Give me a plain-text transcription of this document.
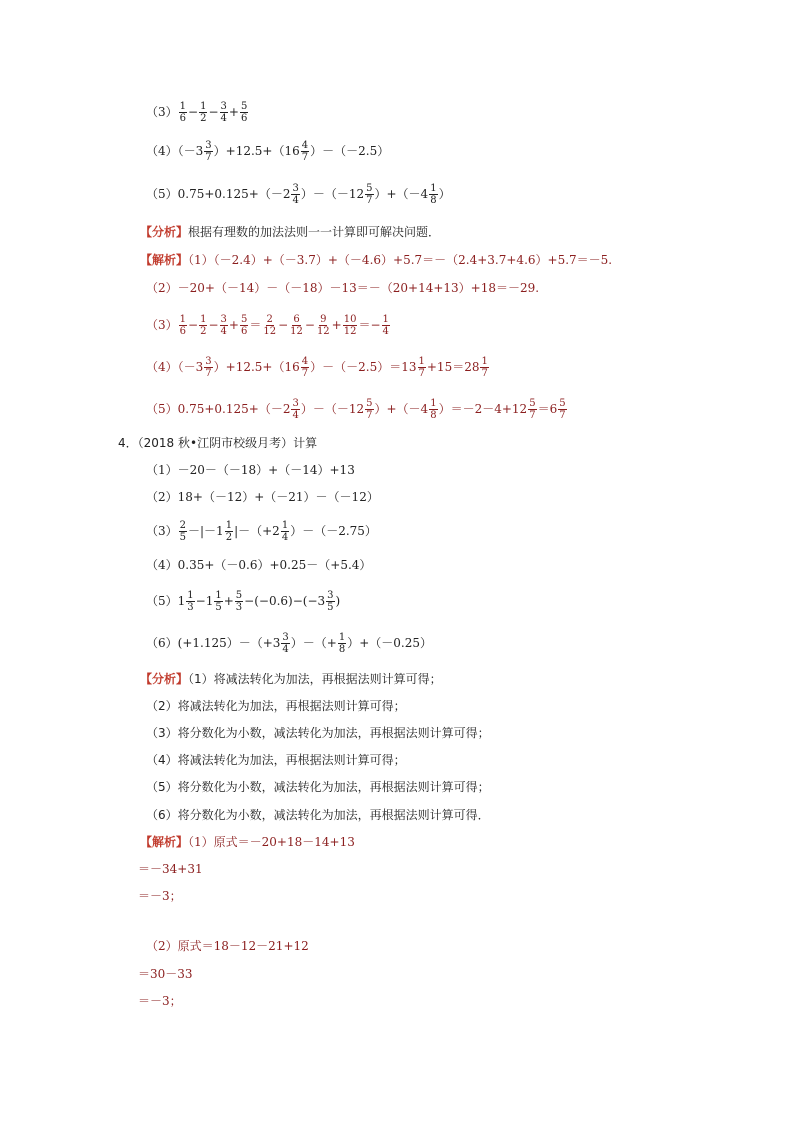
$(3) \frac{1}{6} - \frac{1}{2} - \frac{3}{4} + \frac{5}{6}$
$(4)(-3 \frac{3}{7} )+12.5+(16 \frac{4}{7} )-(-2.5)$
$(5)0.75+0.125+(-2 \frac{3}{4} )-(-12 \frac{5}{7} )+(-4 \frac{1}{8}$ ）
【分析】根据有理数的加法法则一一计算即可解决问题．
【解析】（1）（－2.4）+（－3.7）+（－4.6）+5.7＝－（2.4+3.7+4.6）+5.7＝－5.
（2）－20+（－14）－（－18）－13＝－（20+14+13）+18＝－29.
$(3) \frac{1}{6} - \frac{1}{2} - \frac{3}{4} + \frac{5}{6} = \frac{2}{12} - \frac{6}{12} - \frac{9}{12} + \frac{10}{12} =- \frac{1}{4}$
$(4)(-3 \frac{3}{7} )+12.5+(16 \frac{4}{7} )-(-2.5)=13 \frac{1}{7} +15=28 \frac{1}{7}$
$(5)0.75+0.125+(-2 \frac{3}{4} )-(-12 \frac{5}{7} )+(-4 \frac{1}{8} )=-2-4+12 \frac{5}{7} =6 \frac{5}{7}$
4．（2018 秋•江阴市校级月考）计算
（1）－20－（－18）+（－14）+13
（2）18+（－12）+（－21）－（－12）
$(3) \frac{2}{5} -|-1 \frac{1}{2} |-(+2 \frac{1}{4} )-(-2.75)$
（4）0.35+（－0.6）+0.25－（+5.4）
$(5)1 \frac{1}{3} -1 \frac{1}{5} + \frac{5}{3} -(-0.6)-(-3 \frac{3}{5}$ )
$(6)(+1.125)-(+3 \frac{3}{4}$ ）－（+ $\frac{1}{8} )+(-0.25)$
【分析】（1）将减法转化为加法，再根据法则计算可得；
（2）将减法转化为加法，再根据法则计算可得；
（3）将分数化为小数，减法转化为加法，再根据法则计算可得；
（4）将减法转化为加法，再根据法则计算可得；
（5）将分数化为小数，减法转化为加法，再根据法则计算可得；
（6）将分数化为小数，减法转化为加法，再根据法则计算可得．
【解析】（1）原式＝－20+18－14+13
＝－34+31
＝－3；
（2）原式＝18－12－21+12
＝30－33
＝－3；
